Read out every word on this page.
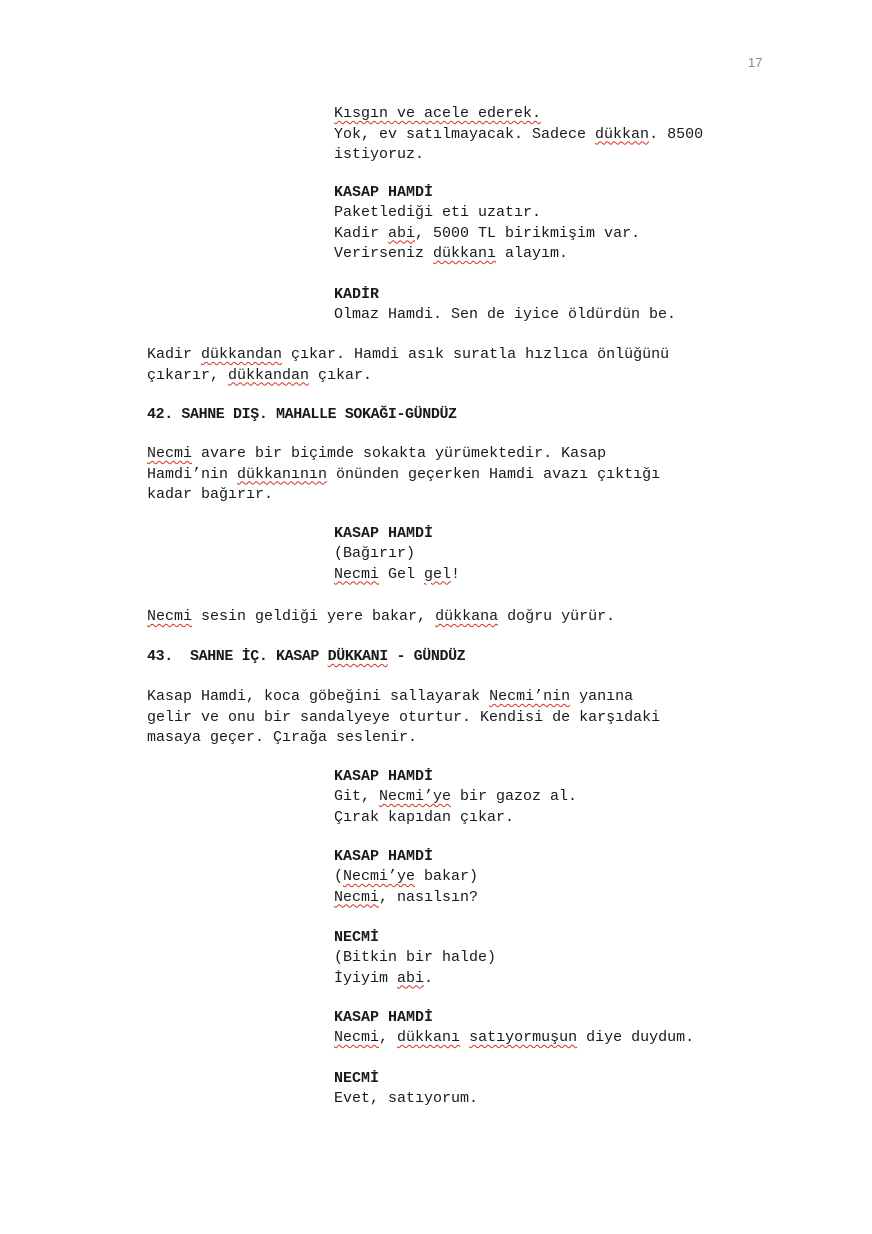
17
Kısgın ve acele ederek.
Yok, ev satılmayacak. Sadece dükkan. 8500
istiyoruz.
KASAP HAMDİ
Paketlediği eti uzatır.
Kadir abi, 5000 TL birikmişim var.
Verirseniz dükkanı alayım.
KADİR
Olmaz Hamdi. Sen de iyice öldürdün be.
Kadir dükkandan çıkar. Hamdi asık suratla hızlıca önlüğünü
çıkarır, dükkandan çıkar.
42. SAHNE DIŞ. MAHALLE SOKAĞI-GÜNDÜZ
Necmi avare bir biçimde sokakta yürümektedir. Kasap
Hamdi’nin dükkanının önünden geçerken Hamdi avazı çıktığı
kadar bağırır.
KASAP HAMDİ
(Bağırır)
Necmi Gel gel!
Necmi sesin geldiği yere bakar, dükkana doğru yürür.
43.  SAHNE İÇ. KASAP DÜKKANI - GÜNDÜZ
Kasap Hamdi, koca göbeğini sallayarak Necmi’nin yanına
gelir ve onu bir sandalyeye oturtur. Kendisi de karşıdaki
masaya geçer. Çırağa seslenir.
KASAP HAMDİ
Git, Necmi’ye bir gazoz al.
Çırak kapıdan çıkar.
KASAP HAMDİ
(Necmi’ye bakar)
Necmi, nasılsın?
NECMİ
(Bitkin bir halde)
İyiyim abi.
KASAP HAMDİ
Necmi, dükkanı satıyormuşun diye duydum.
NECMİ
Evet, satıyorum.
